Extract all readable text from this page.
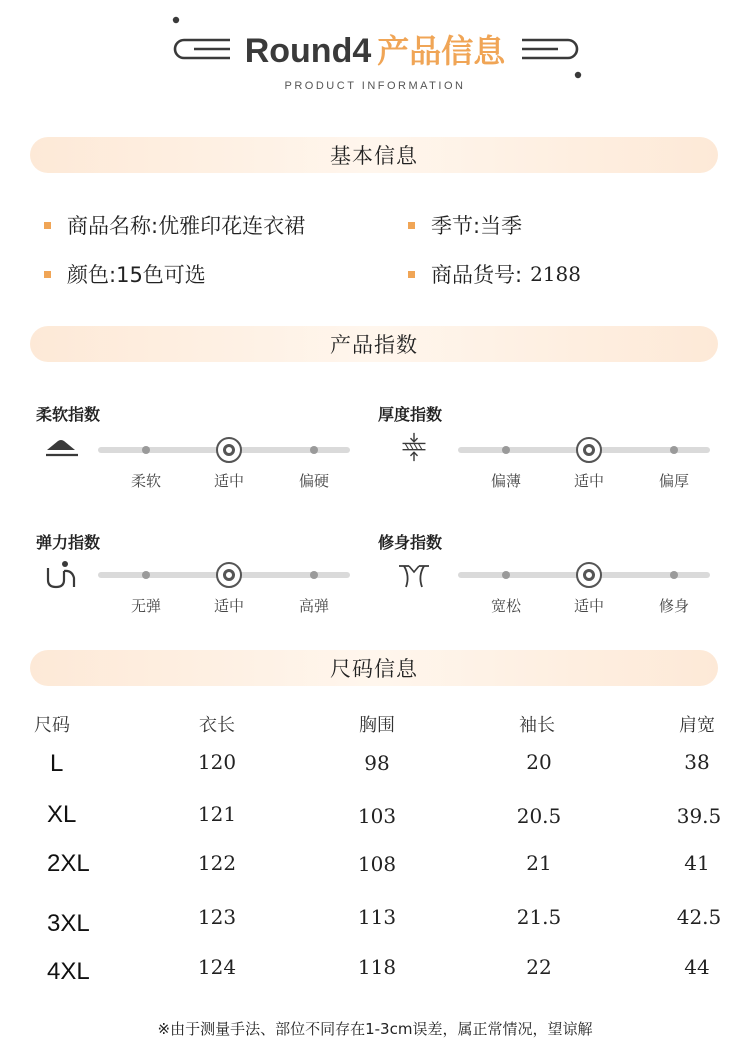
Round4 产品信息
PRODUCT INFORMATION
基本信息
商品名称: 优雅印花连衣裙	季节: 当季
颜色: 15色可选	商品货号: 2188
产品指数
柔软指数
柔软	适中	偏硬
厚度指数
偏薄	适中	偏厚
弹力指数
无弹	适中	高弹
修身指数
宽松	适中	修身
尺码信息
尺码	衣长	胸围	袖长	肩宽
L	120	98	20	38
XL	121	103	20.5	39.5
2XL	122	108	21	41
3XL	123	113	21.5	42.5
4XL	124	118	22	44
※由于测量手法、部位不同存在1-3cm误差，属正常情况，望谅解
